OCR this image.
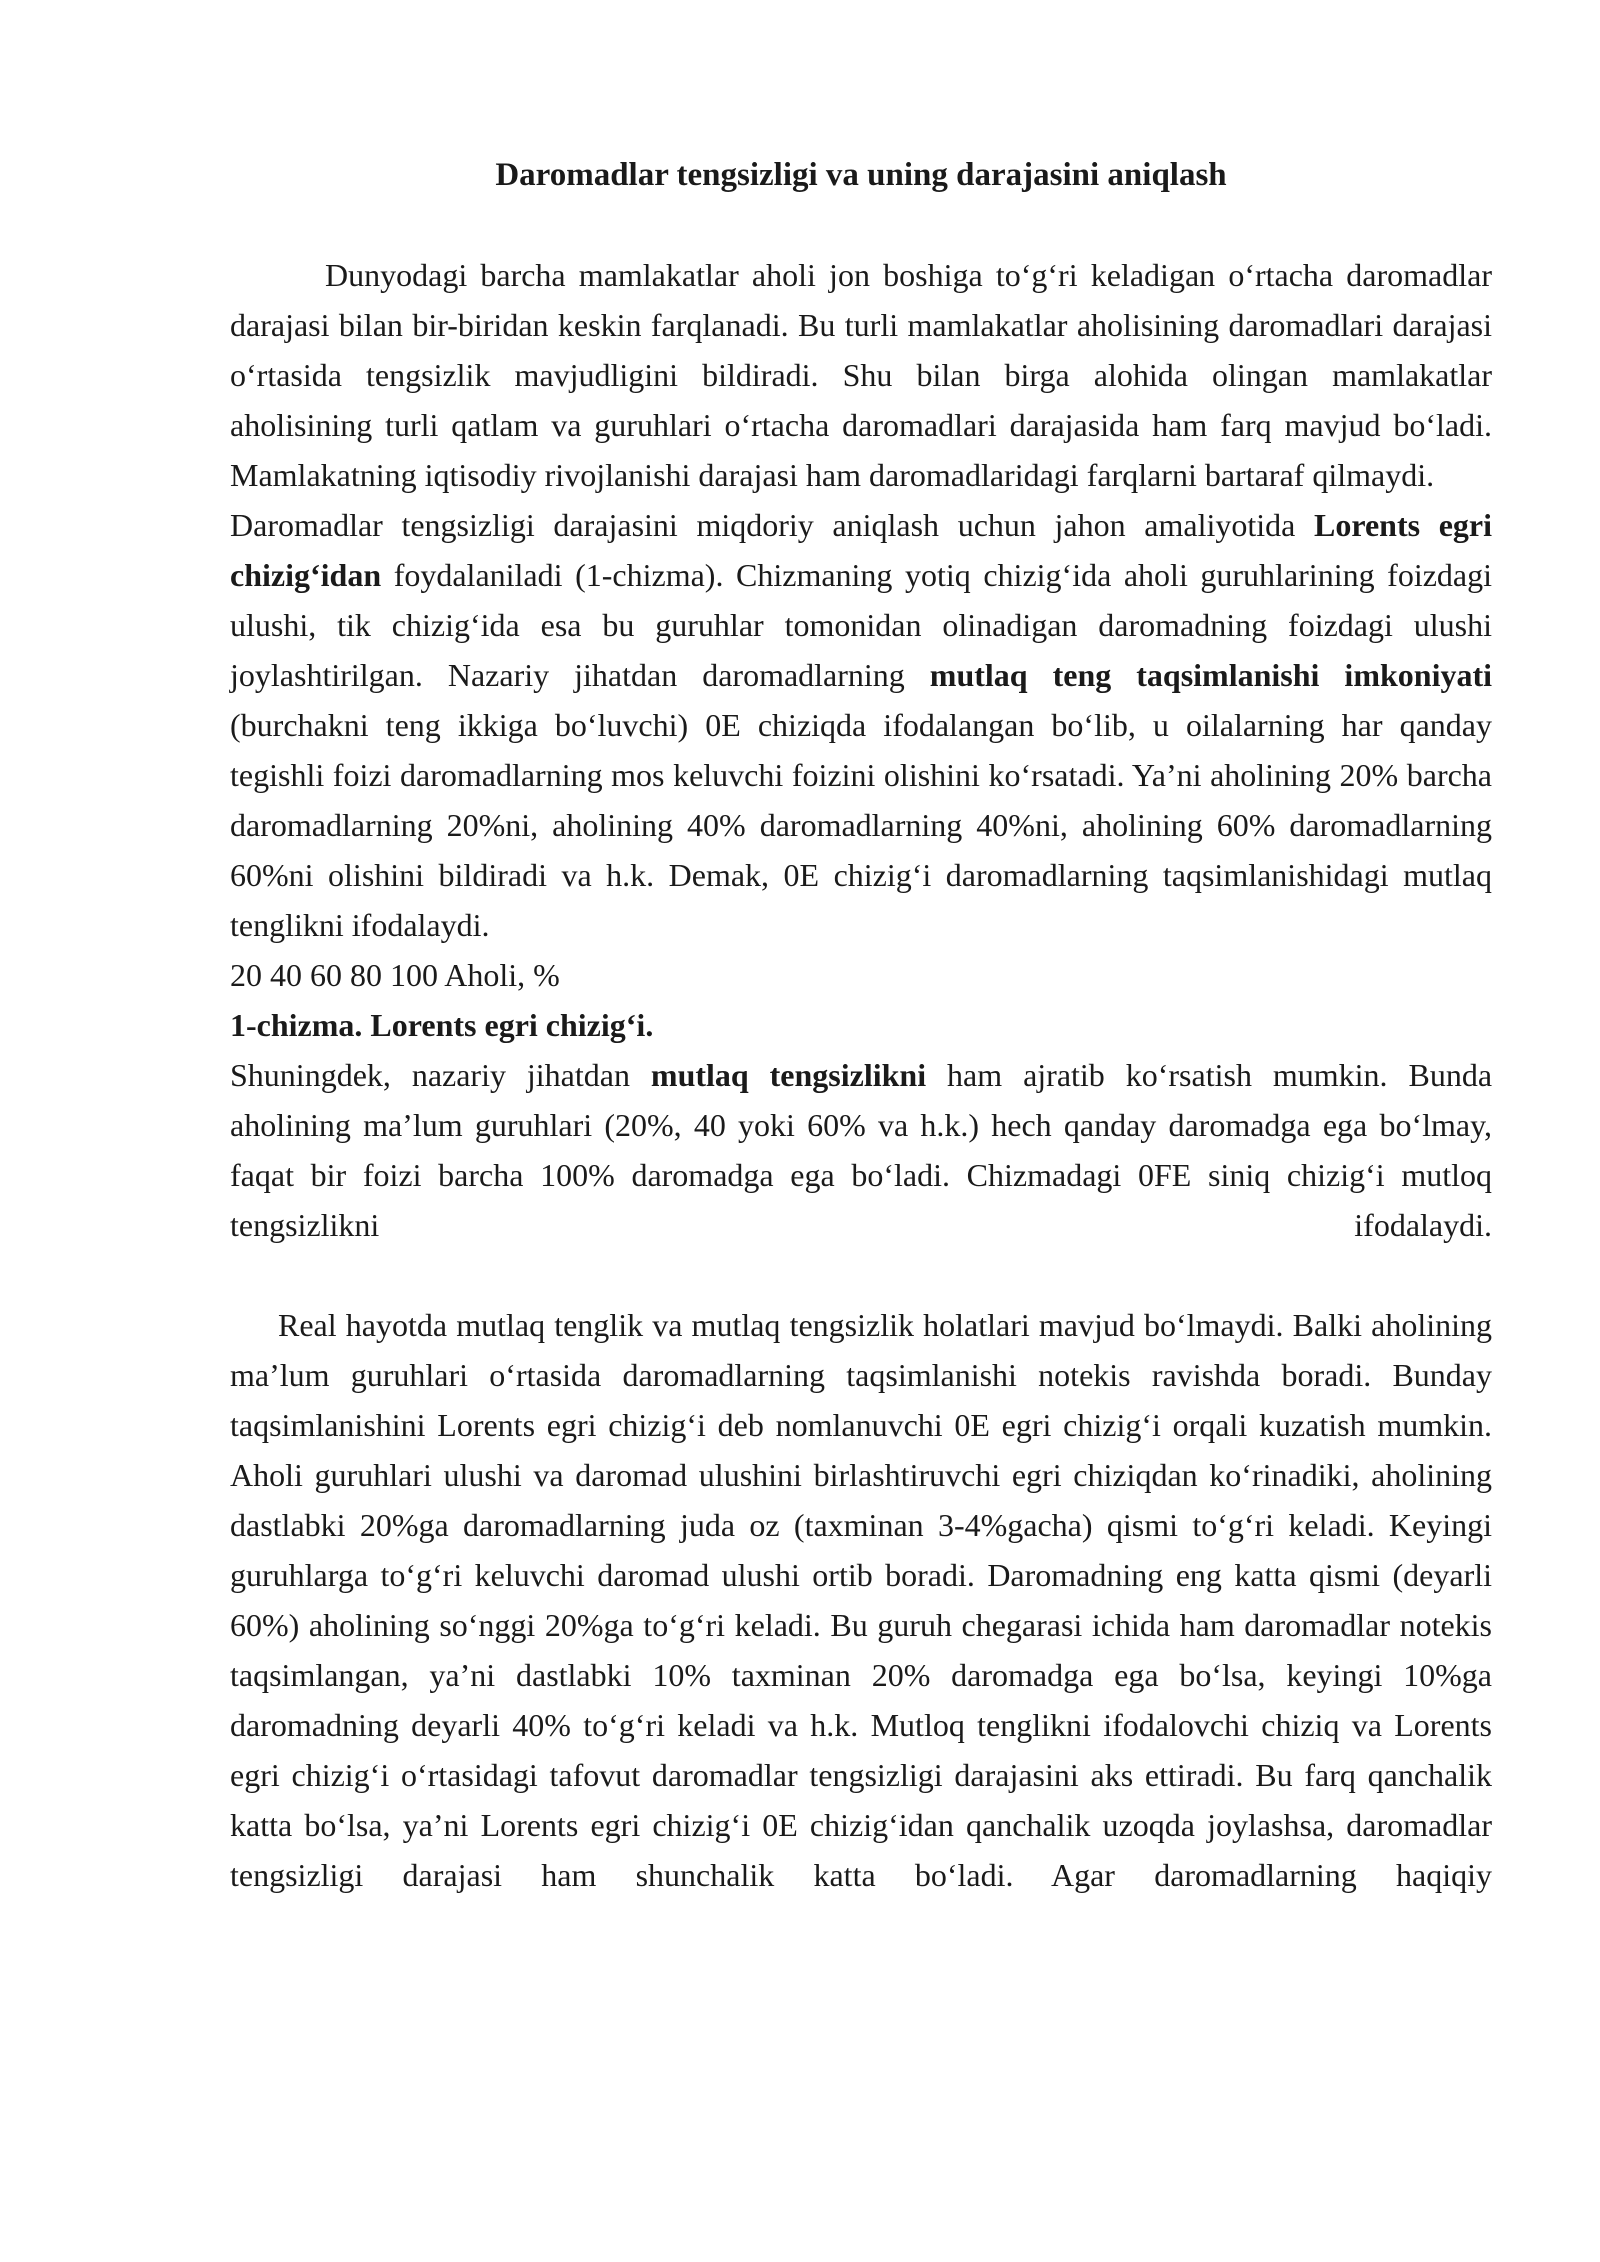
Daromadlar tengsizligi va uning darajasini aniqlash

Dunyodagi barcha mamlakatlar aholi jon boshiga to‘g‘ri keladigan o‘rtacha daromadlar darajasi bilan bir-biridan keskin farqlanadi. Bu turli mamlakatlar aholisining daromadlari darajasi o‘rtasida tengsizlik mavjudligini bildiradi. Shu bilan birga alohida olingan mamlakatlar aholisining turli qatlam va guruhlari o‘rtacha daromadlari darajasida ham farq mavjud bo‘ladi. Mamlakatning iqtisodiy rivojlanishi darajasi ham daromadlaridagi farqlarni bartaraf qilmaydi.

Daromadlar tengsizligi darajasini miqdoriy aniqlash uchun jahon amaliyotida Lorents egri chizig‘idan foydalaniladi (1-chizma). Chizmaning yotiq chizig‘ida aholi guruhlarining foizdagi ulushi, tik chizig‘ida esa bu guruhlar tomonidan olinadigan daromadning foizdagi ulushi joylashtirilgan. Nazariy jihatdan daromadlarning mutlaq teng taqsimlanishi imkoniyati (burchakni teng ikkiga bo‘luvchi) 0E chiziqda ifodalangan bo‘lib, u oilalarning har qanday tegishli foizi daromadlarning mos keluvchi foizini olishini ko‘rsatadi. Ya’ni aholining 20% barcha daromadlarning 20%ni, aholining 40% daromadlarning 40%ni, aholining 60% daromadlarning 60%ni olishini bildiradi va h.k. Demak, 0E chizig‘i daromadlarning taqsimlanishidagi mutlaq tenglikni ifodalaydi.

20 40 60 80 100 Aholi, %

1-chizma. Lorents egri chizig‘i.

Shuningdek, nazariy jihatdan mutlaq tengsizlikni ham ajratib ko‘rsatish mumkin. Bunda aholining ma’lum guruhlari (20%, 40 yoki 60% va h.k.) hech qanday daromadga ega bo‘lmay, faqat bir foizi barcha 100% daromadga ega bo‘ladi. Chizmadagi 0FE siniq chizig‘i mutloq tengsizlikni ifodalaydi.

Real hayotda mutlaq tenglik va mutlaq tengsizlik holatlari mavjud bo‘lmaydi. Balki aholining ma’lum guruhlari o‘rtasida daromadlarning taqsimlanishi notekis ravishda boradi. Bunday taqsimlanishini Lorents egri chizig‘i deb nomlanuvchi 0E egri chizig‘i orqali kuzatish mumkin. Aholi guruhlari ulushi va daromad ulushini birlashtiruvchi egri chiziqdan ko‘rinadiki, aholining dastlabki 20%ga daromadlarning juda oz (taxminan 3-4%gacha) qismi to‘g‘ri keladi. Keyingi guruhlarga to‘g‘ri keluvchi daromad ulushi ortib boradi. Daromadning eng katta qismi (deyarli 60%) aholining so‘nggi 20%ga to‘g‘ri keladi. Bu guruh chegarasi ichida ham daromadlar notekis taqsimlangan, ya’ni dastlabki 10% taxminan 20% daromadga ega bo‘lsa, keyingi 10%ga daromadning deyarli 40% to‘g‘ri keladi va h.k. Mutloq tenglikni ifodalovchi chiziq va Lorents egri chizig‘i o‘rtasidagi tafovut daromadlar tengsizligi darajasini aks ettiradi. Bu farq qanchalik katta bo‘lsa, ya’ni Lorents egri chizig‘i 0E chizig‘idan qanchalik uzoqda joylashsa, daromadlar tengsizligi darajasi ham shunchalik katta bo‘ladi. Agar daromadlarning haqiqiy
